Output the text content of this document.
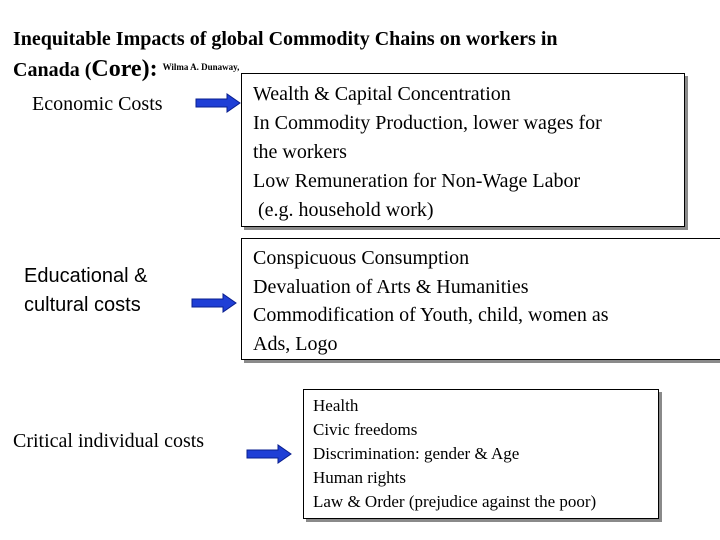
Inequitable Impacts of global Commodity Chains on workers in
Canada (Core): $^{Wilma A. Dunaway,}$
Economic Costs	Wealth & Capital Concentration
In Commodity Production, lower wages for
the workers
Low Remuneration for Non-Wage Labor
(e.g. household work)
Educational &
cultural costs
Conspicuous Consumption
Devaluation of Arts & Humanities
Commodification of Youth, child, women as
Ads, Logo
Critical individual costs
Health
Civic freedoms
Discrimination: gender & Age
Human rights
Law & Order (prejudice against the poor)
